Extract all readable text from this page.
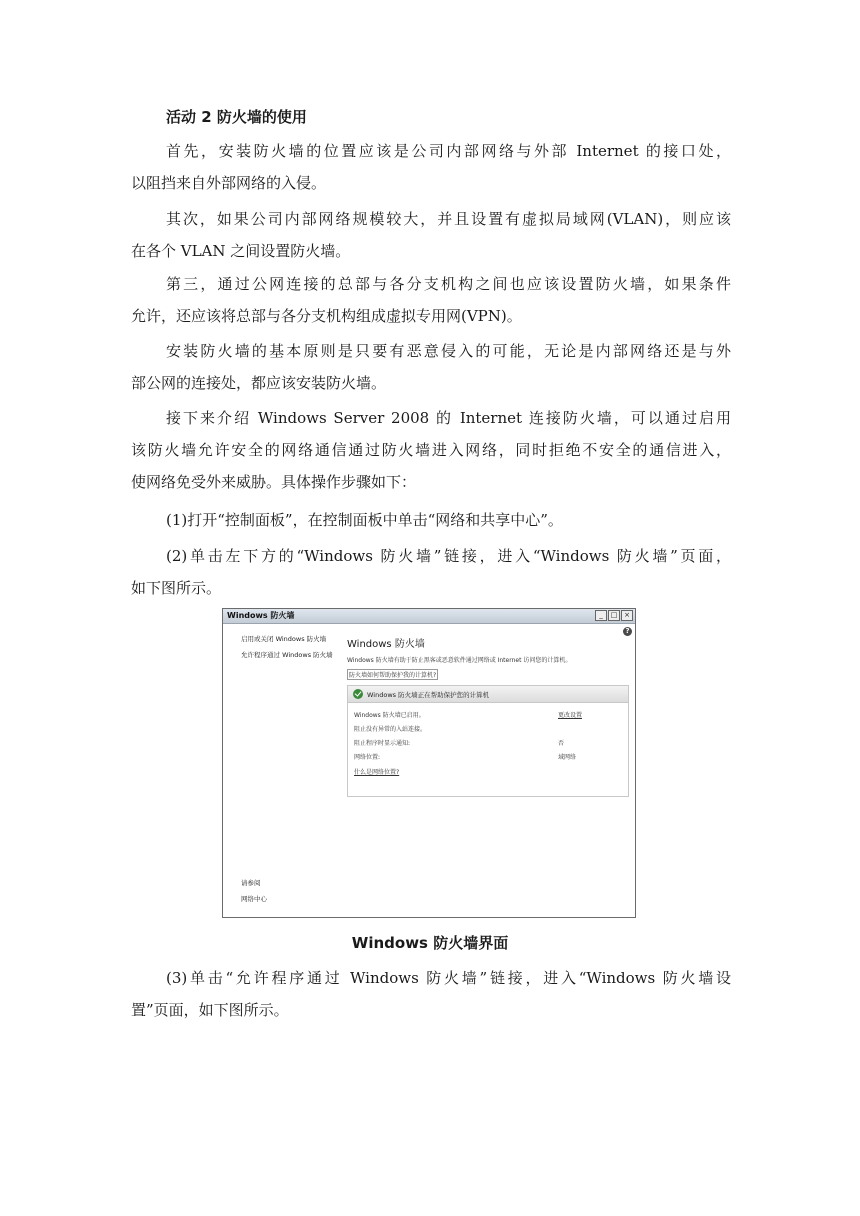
活动 2 防火墙的使用
首先，安装防火墙的位置应该是公司内部网络与外部 Internet 的接口处，
以阻挡来自外部网络的入侵。
其次，如果公司内部网络规模较大，并且设置有虚拟局域网(VLAN)，则应该
在各个 VLAN 之间设置防火墙。
第三，通过公网连接的总部与各分支机构之间也应该设置防火墙，如果条件
允许，还应该将总部与各分支机构组成虚拟专用网(VPN)。
安装防火墙的基本原则是只要有恶意侵入的可能，无论是内部网络还是与外
部公网的连接处，都应该安装防火墙。
接下来介绍 Windows Server 2008 的 Internet 连接防火墙，可以通过启用
该防火墙允许安全的网络通信通过防火墙进入网络，同时拒绝不安全的通信进入，
使网络免受外来威胁。具体操作步骤如下：
(1)打开“控制面板”，在控制面板中单击“网络和共享中心”。
(2)单击左下方的“Windows 防火墙”链接，进入“Windows 防火墙”页面，
如下图所示。
Windows 防火墙	_	□ ×
?
启用或关闭 Windows 防火墙
允许程序通过 Windows 防火墙
请参阅
网络中心
Windows 防火墙
Windows 防火墙有助于防止黑客或恶意软件通过网络或 Internet 访问您的计算机。
防火墙如何帮助保护我的计算机?
Windows 防火墙正在帮助保护您的计算机
Windows 防火墙已启用。	更改设置
阻止没有异常的入站连接。
阻止程序时显示通知:	否
网络位置:	域网络
什么是网络位置?
Windows 防火墙界面
(3)单击“允许程序通过 Windows 防火墙”链接，进入“Windows 防火墙设
置”页面，如下图所示。
